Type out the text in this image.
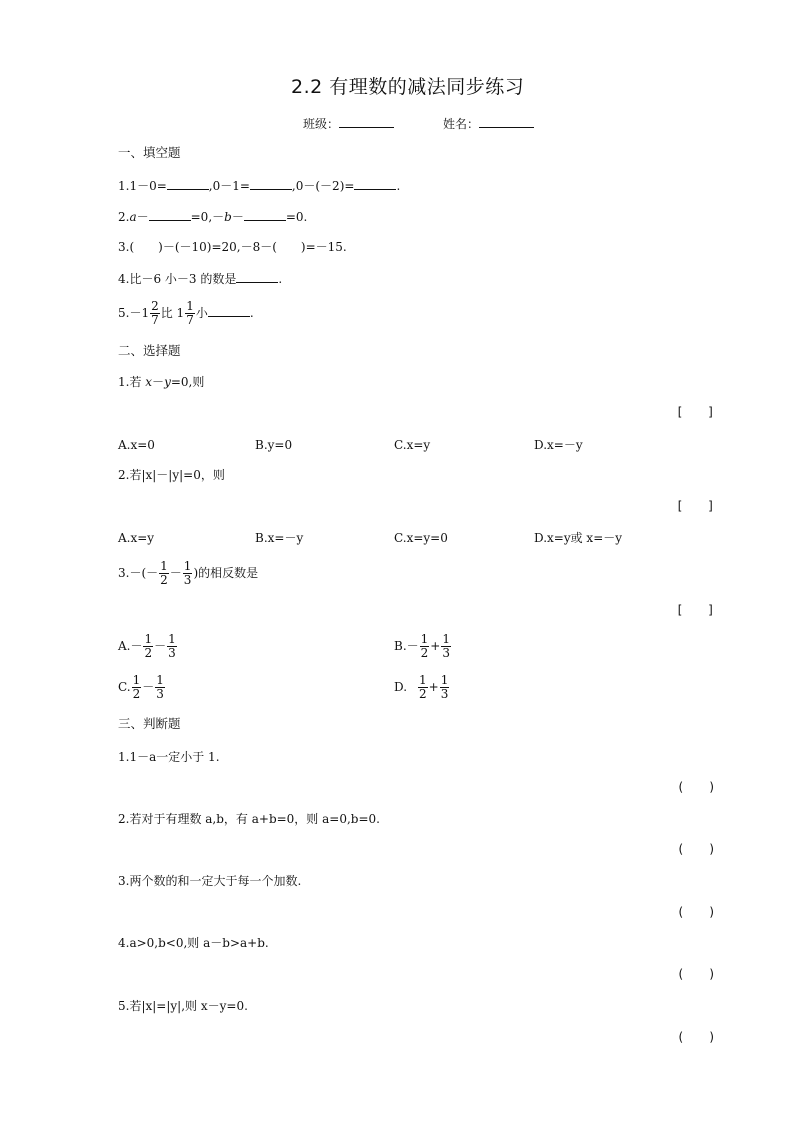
2.2 有理数的减法同步练习
班级：	姓名：
一、填空题
1.1－0=	,0－1=	,0－(－2)=	.
2.a－	=0,－b－	=0.
3.(　　)－(－10)=20,－8－(　　)=－15.
4.比－6 小－3 的数是	.
$5.-1 \frac{2}{7}$ 比 $1 \frac{1}{7}$ 小	.
二、选择题
1.若 x－y=0,则
[　　]
A.x=0	B.y=0	C.x=y	D.x=－y
2.若|x|－|y|=0，则
[　　]
A.x=y	B.x=－y	C.x=y=0	D.x=y或 x=－y
$3.-(- \frac{1}{2} - \frac{1}{3}$ )的相反数是
[　　]
$A.- \frac{1}{2} - \frac{1}{3}$	$B.- \frac{1}{2} + \frac{1}{3}$
C. $\frac{1}{2} - \frac{1}{3}$	D. $\frac{1}{2} + \frac{1}{3}$
三、判断题
1.1－a一定小于 1.
(　　)
2.若对于有理数 a,b，有 a+b=0，则 a=0,b=0.
(　　)
3.两个数的和一定大于每一个加数.
(　　)
4.a>0,b<0,则 a－b>a+b.
(　　)
5.若|x|=|y|,则 x－y=0.
(　　)
